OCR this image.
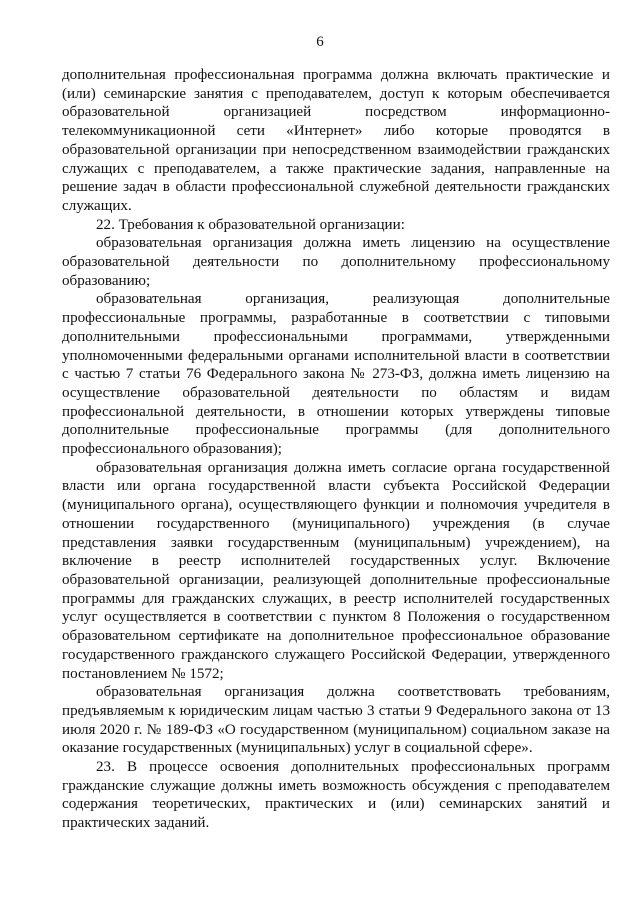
6

дополнительная профессиональная программа должна включать практические и (или) семинарские занятия с преподавателем, доступ к которым обеспечивается образовательной организацией посредством информационно-телекоммуникационной сети «Интернет» либо которые проводятся в образовательной организации при непосредственном взаимодействии гражданских служащих с преподавателем, а также практические задания, направленные на решение задач в области профессиональной служебной деятельности гражданских служащих.

22. Требования к образовательной организации:

образовательная организация должна иметь лицензию на осуществление образовательной деятельности по дополнительному профессиональному образованию;

образовательная организация, реализующая дополнительные профессиональные программы, разработанные в соответствии с типовыми дополнительными профессиональными программами, утвержденными уполномоченными федеральными органами исполнительной власти в соответствии с частью 7 статьи 76 Федерального закона № 273-ФЗ, должна иметь лицензию на осуществление образовательной деятельности по областям и видам профессиональной деятельности, в отношении которых утверждены типовые дополнительные профессиональные программы (для дополнительного профессионального образования);

образовательная организация должна иметь согласие органа государственной власти или органа государственной власти субъекта Российской Федерации (муниципального органа), осуществляющего функции и полномочия учредителя в отношении государственного (муниципального) учреждения (в случае представления заявки государственным (муниципальным) учреждением), на включение в реестр исполнителей государственных услуг. Включение образовательной организации, реализующей дополнительные профессиональные программы для гражданских служащих, в реестр исполнителей государственных услуг осуществляется в соответствии с пунктом 8 Положения о государственном образовательном сертификате на дополнительное профессиональное образование государственного гражданского служащего Российской Федерации, утвержденного постановлением № 1572;

образовательная организация должна соответствовать требованиям, предъявляемым к юридическим лицам частью 3 статьи 9 Федерального закона от 13 июля 2020 г. № 189-ФЗ «О государственном (муниципальном) социальном заказе на оказание государственных (муниципальных) услуг в социальной сфере».

23. В процессе освоения дополнительных профессиональных программ гражданские служащие должны иметь возможность обсуждения с преподавателем содержания теоретических, практических и (или) семинарских занятий и практических заданий.
